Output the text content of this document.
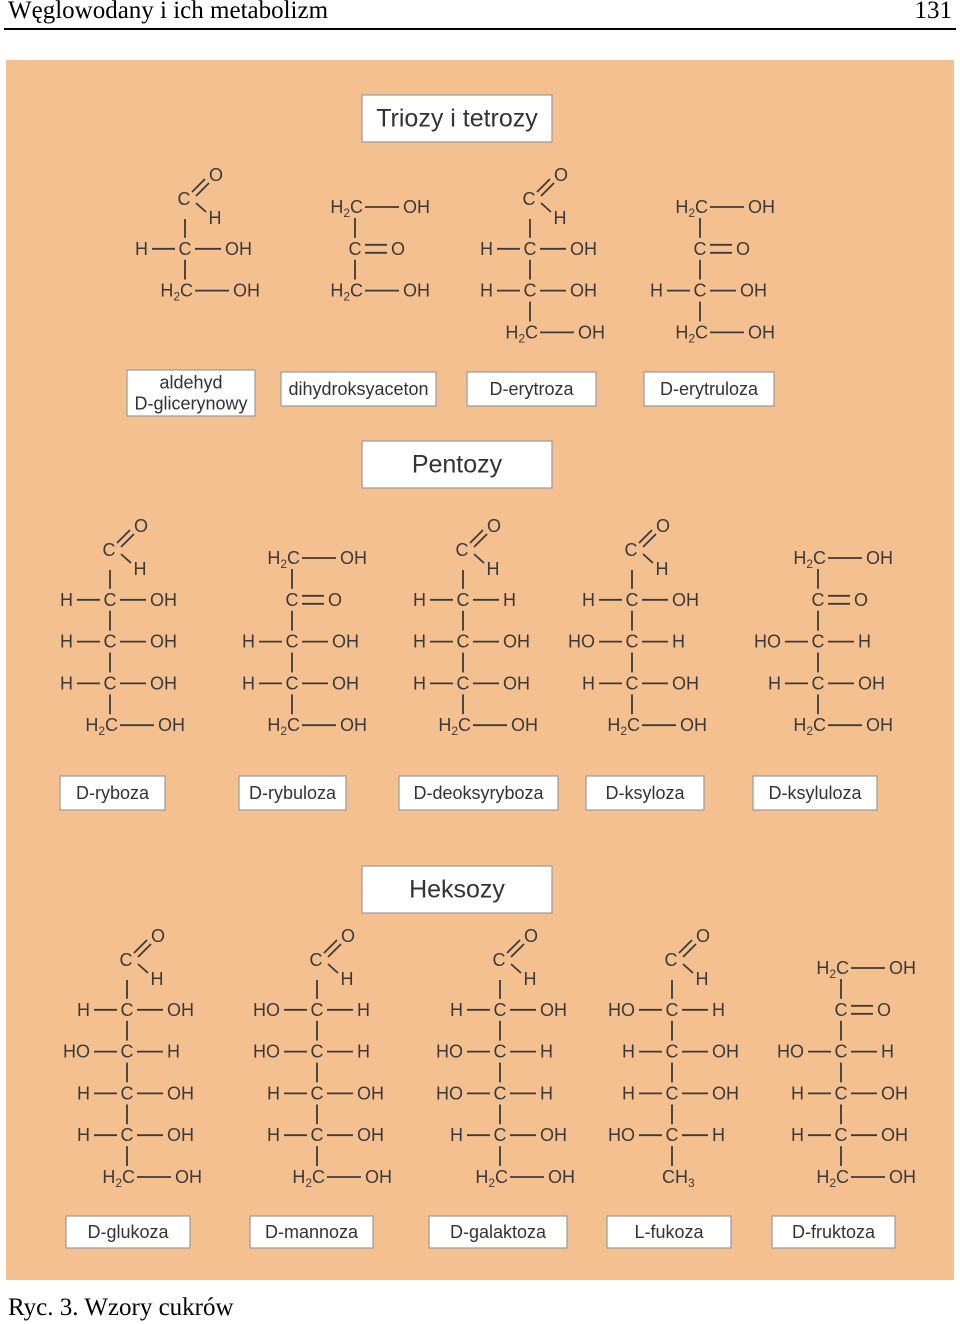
Węglowodany i ich metabolizm	131
Triozy i tetrozy
C
O
H
C
H	OH
$H_2C$ OH
aldehyd
D-glicerynowy
$H_2C$ OH
C O
$H_2C$ OH
dihydroksyaceton
C
O
H
C
H	OH
C
H	OH
$H_2C$ OH
D-erytroza
$H_2C$ OH
C O
C
H	OH
$H_2C$ OH
D-erytruloza
Pentozy
C
O
H
C
H	OH
C
H	OH
C
H	OH
$H_2C$ OH
D-ryboza
$H_2C$ OH
C O
C
H	OH
C
H	OH
$H_2C$ OH
D-rybuloza
C
O
H
C
H	H
C
H	OH
C
H	OH
$H_2C$ OH
D-deoksyryboza
C
O
H
C
H	OH
C
HO	H
C
H	OH
$H_2C$ OH
D-ksyloza
$H_2C$ OH
C O
C
HO	H
C
H	OH
$H_2C$ OH
D-ksyluloza
Heksozy
C
O
H
C
H	OH
C
HO	H
C
H	OH
C
H	OH
$H_2C$ OH
D-glukoza
C
O
H
C
HO	H
C
HO	H
C
H	OH
C
H	OH
$H_2C$ OH
D-mannoza
C
O
H
C
H	OH
C
HO	H
C
HO	H
C
H	OH
$H_2C$ OH
D-galaktoza
C
O
H
C
HO	H
C
H	OH
C
H	OH
C
HO	H
$CH_3$
L-fukoza
$H_2C$ OH
C O
C
HO	H
C
H	OH
C
H	OH
$H_2C$ OH
D-fruktoza
Ryc. 3. Wzory cukrów
